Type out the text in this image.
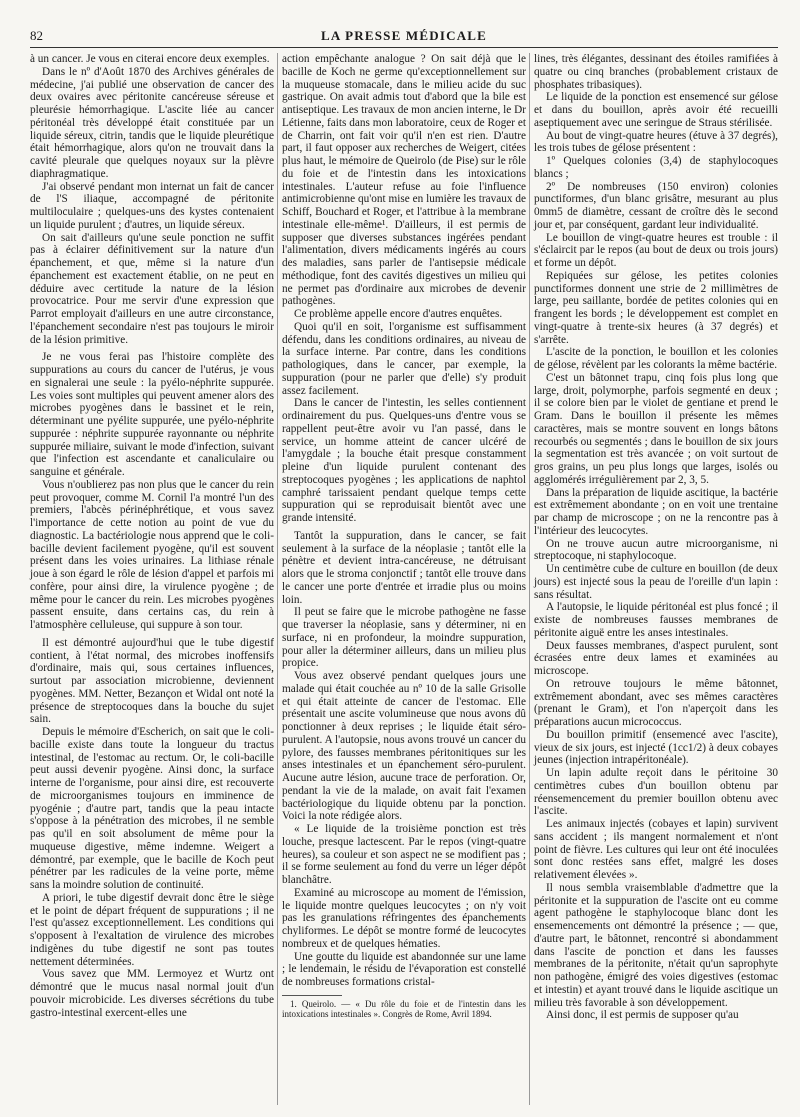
82	LA PRESSE MÉDICALE

à un cancer. Je vous en citerai encore deux exemples.

Dans le nº d'Août 1870 des Archives générales de médecine, j'ai publié une observation de cancer des deux ovaires avec péritonite cancéreuse séreuse et pleurésie hémorrhagique. L'ascite liée au cancer péritonéal très développé était constituée par un liquide séreux, citrin, tandis que le liquide pleurétique était hémorrhagique, alors qu'on ne trouvait dans la cavité pleurale que quelques noyaux sur la plèvre diaphragmatique.

J'ai observé pendant mon internat un fait de cancer de l'S iliaque, accompagné de péritonite multiloculaire ; quelques-uns des kystes contenaient un liquide purulent ; d'autres, un liquide séreux.

On sait d'ailleurs qu'une seule ponction ne suffit pas à éclairer définitivement sur la nature d'un épanchement, et que, même si la nature d'un épanchement est exactement établie, on ne peut en déduire avec certitude la nature de la lésion provocatrice. Pour me servir d'une expression que Parrot employait d'ailleurs en une autre circonstance, l'épanchement secondaire n'est pas toujours le miroir de la lésion primitive.

Je ne vous ferai pas l'histoire complète des suppurations au cours du cancer de l'utérus, je vous en signalerai une seule : la pyélo-néphrite suppurée. Les voies sont multiples qui peuvent amener alors des microbes pyogènes dans le bassinet et le rein, déterminant une pyélite suppurée, une pyélo-néphrite suppurée : néphrite suppurée rayonnante ou néphrite suppurée miliaire, suivant le mode d'infection, suivant que l'infection est ascendante et canaliculaire ou sanguine et générale.

Vous n'oublierez pas non plus que le cancer du rein peut provoquer, comme M. Cornil l'a montré l'un des premiers, l'abcès périnéphrétique, et vous savez l'importance de cette notion au point de vue du diagnostic. La bactériologie nous apprend que le coli-bacille devient facilement pyogène, qu'il est souvent présent dans les voies urinaires. La lithiase rénale joue à son égard le rôle de lésion d'appel et parfois mi confère, pour ainsi dire, la virulence pyogène ; de même pour le cancer du rein. Les microbes pyogènes passent ensuite, dans certains cas, du rein à l'atmosphère celluleuse, qui suppure à son tour.

Il est démontré aujourd'hui que le tube digestif contient, à l'état normal, des microbes inoffensifs d'ordinaire, mais qui, sous certaines influences, surtout par association microbienne, deviennent pyogènes. MM. Netter, Bezançon et Widal ont noté la présence de streptocoques dans la bouche du sujet sain.

Depuis le mémoire d'Escherich, on sait que le coli-bacille existe dans toute la longueur du tractus intestinal, de l'estomac au rectum. Or, le coli-bacille peut aussi devenir pyogène. Ainsi donc, la surface interne de l'organisme, pour ainsi dire, est recouverte de microorganismes toujours en imminence de pyogénie ; d'autre part, tandis que la peau intacte s'oppose à la pénétration des microbes, il ne semble pas qu'il en soit absolument de même pour la muqueuse digestive, même indemne. Weigert a démontré, par exemple, que le bacille de Koch peut pénétrer par les radicules de la veine porte, même sans la moindre solution de continuité.

A priori, le tube digestif devrait donc être le siège et le point de départ fréquent de suppurations ; il ne l'est qu'assez exceptionnellement. Les conditions qui s'opposent à l'exaltation de virulence des microbes indigènes du tube digestif ne sont pas toutes nettement déterminées.

Vous savez que MM. Lermoyez et Wurtz ont démontré que le mucus nasal normal jouit d'un pouvoir microbicide. Les diverses sécrétions du tube gastro-intestinal exercent-elles une

action empêchante analogue ? On sait déjà que le bacille de Koch ne germe qu'exceptionnellement sur la muqueuse stomacale, dans le milieu acide du suc gastrique. On avait admis tout d'abord que la bile est antiseptique. Les travaux de mon ancien interne, le Dr Létienne, faits dans mon laboratoire, ceux de Roger et de Charrin, ont fait voir qu'il n'en est rien. D'autre part, il faut opposer aux recherches de Weigert, citées plus haut, le mémoire de Queirolo (de Pise) sur le rôle du foie et de l'intestin dans les intoxications intestinales. L'auteur refuse au foie l'influence antimicrobienne qu'ont mise en lumière les travaux de Schiff, Bouchard et Roger, et l'attribue à la membrane intestinale elle-même¹. D'ailleurs, il est permis de supposer que diverses substances ingérées pendant l'alimentation, divers médicaments ingérés au cours des maladies, sans parler de l'antisepsie médicale méthodique, font des cavités digestives un milieu qui ne permet pas d'ordinaire aux microbes de devenir pathogènes.

Ce problème appelle encore d'autres enquêtes.

Quoi qu'il en soit, l'organisme est suffisamment défendu, dans les conditions ordinaires, au niveau de la surface interne. Par contre, dans les conditions pathologiques, dans le cancer, par exemple, la suppuration (pour ne parler que d'elle) s'y produit assez facilement.

Dans le cancer de l'intestin, les selles contiennent ordinairement du pus. Quelques-uns d'entre vous se rappellent peut-être avoir vu l'an passé, dans le service, un homme atteint de cancer ulcéré de l'amygdale ; la bouche était presque constamment pleine d'un liquide purulent contenant des streptocoques pyogènes ; les applications de naphtol camphré tarissaient pendant quelque temps cette suppuration qui se reproduisait bientôt avec une grande intensité.

Tantôt la suppuration, dans le cancer, se fait seulement à la surface de la néoplasie ; tantôt elle la pénètre et devient intra-cancéreuse, ne détruisant alors que le stroma conjonctif ; tantôt elle trouve dans le cancer une porte d'entrée et irradie plus ou moins loin.

Il peut se faire que le microbe pathogène ne fasse que traverser la néoplasie, sans y déterminer, ni en surface, ni en profondeur, la moindre suppuration, pour aller la déterminer ailleurs, dans un milieu plus propice.

Vous avez observé pendant quelques jours une malade qui était couchée au nº 10 de la salle Grisolle et qui était atteinte de cancer de l'estomac. Elle présentait une ascite volumineuse que nous avons dû ponctionner à deux reprises ; le liquide était séro-purulent. A l'autopsie, nous avons trouvé un cancer du pylore, des fausses membranes péritonitiques sur les anses intestinales et un épanchement séro-purulent. Aucune autre lésion, aucune trace de perforation. Or, pendant la vie de la malade, on avait fait l'examen bactériologique du liquide obtenu par la ponction. Voici la note rédigée alors.

« Le liquide de la troisième ponction est très louche, presque lactescent. Par le repos (vingt-quatre heures), sa couleur et son aspect ne se modifient pas ; il se forme seulement au fond du verre un léger dépôt blanchâtre.

Examiné au microscope au moment de l'émission, le liquide montre quelques leucocytes ; on n'y voit pas les granulations réfringentes des épanchements chyliformes. Le dépôt se montre formé de leucocytes nombreux et de quelques hématies.

Une goutte du liquide est abandonnée sur une lame ; le lendemain, le résidu de l'évaporation est constellé de nombreuses formations cristal-

1. Queirolo. — « Du rôle du foie et de l'intestin dans les intoxications intestinales ». Congrès de Rome, Avril 1894.

lines, très élégantes, dessinant des étoiles ramifiées à quatre ou cinq branches (probablement cristaux de phosphates tribasiques).

Le liquide de la ponction est ensemencé sur gélose et dans du bouillon, après avoir été recueilli aseptiquement avec une seringue de Straus stérilisée.

Au bout de vingt-quatre heures (étuve à 37 degrés), les trois tubes de gélose présentent :

1º Quelques colonies (3,4) de staphylocoques blancs ;

2º De nombreuses (150 environ) colonies punctiformes, d'un blanc grisâtre, mesurant au plus 0mm5 de diamètre, cessant de croître dès le second jour et, par conséquent, gardant leur individualité.

Le bouillon de vingt-quatre heures est trouble : il s'éclaircit par le repos (au bout de deux ou trois jours) et forme un dépôt.

Repiquées sur gélose, les petites colonies punctiformes donnent une strie de 2 millimètres de large, peu saillante, bordée de petites colonies qui en frangent les bords ; le développement est complet en vingt-quatre à trente-six heures (à 37 degrés) et s'arrête.

L'ascite de la ponction, le bouillon et les colonies de gélose, révèlent par les colorants la même bactérie.

C'est un bâtonnet trapu, cinq fois plus long que large, droit, polymorphe, parfois segmenté en deux ; il se colore bien par le violet de gentiane et prend le Gram. Dans le bouillon il présente les mêmes caractères, mais se montre souvent en longs bâtons recourbés ou segmentés ; dans le bouillon de six jours la segmentation est très avancée ; on voit surtout de gros grains, un peu plus longs que larges, isolés ou agglomérés irrégulièrement par 2, 3, 5.

Dans la préparation de liquide ascitique, la bactérie est extrêmement abondante ; on en voit une trentaine par champ de microscope ; on ne la rencontre pas à l'intérieur des leucocytes.

On ne trouve aucun autre microorganisme, ni streptocoque, ni staphylocoque.

Un centimètre cube de culture en bouillon (de deux jours) est injecté sous la peau de l'oreille d'un lapin : sans résultat.

A l'autopsie, le liquide péritonéal est plus foncé ; il existe de nombreuses fausses membranes de péritonite aiguë entre les anses intestinales.

Deux fausses membranes, d'aspect purulent, sont écrasées entre deux lames et examinées au microscope.

On retrouve toujours le même bâtonnet, extrêmement abondant, avec ses mêmes caractères (prenant le Gram), et l'on n'aperçoit dans les préparations aucun micrococcus.

Du bouillon primitif (ensemencé avec l'ascite), vieux de six jours, est injecté (1cc1/2) à deux cobayes jeunes (injection intrapéritonéale).

Un lapin adulte reçoit dans le péritoine 30 centimètres cubes d'un bouillon obtenu par réensemencement du premier bouillon obtenu avec l'ascite.

Les animaux injectés (cobayes et lapin) survivent sans accident ; ils mangent normalement et n'ont point de fièvre. Les cultures qui leur ont été inoculées sont donc restées sans effet, malgré les doses relativement élevées ».

Il nous sembla vraisemblable d'admettre que la péritonite et la suppuration de l'ascite ont eu comme agent pathogène le staphylocoque blanc dont les ensemencements ont démontré la présence ; — que, d'autre part, le bâtonnet, rencontré si abondamment dans l'ascite de ponction et dans les fausses membranes de la péritonite, n'était qu'un saprophyte non pathogène, émigré des voies digestives (estomac et intestin) et ayant trouvé dans le liquide ascitique un milieu très favorable à son développement.

Ainsi donc, il est permis de supposer qu'au
